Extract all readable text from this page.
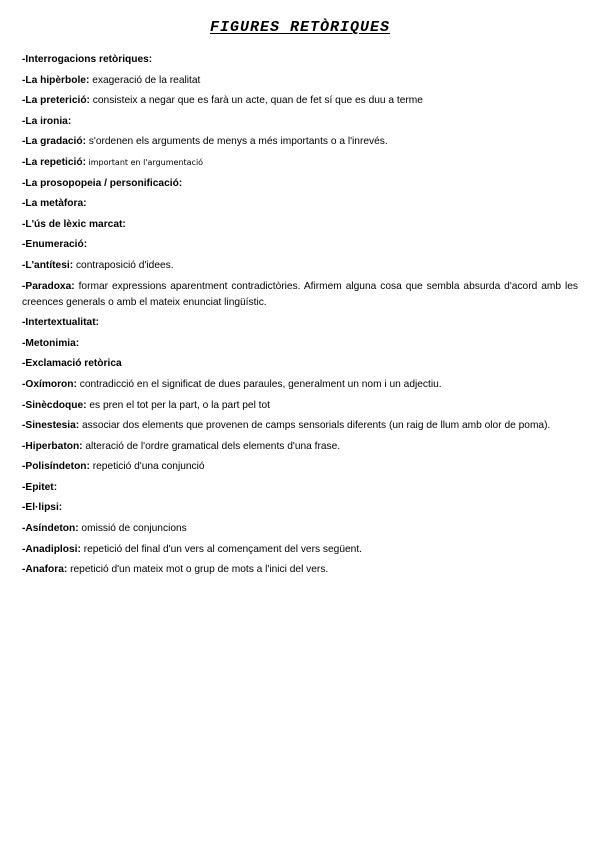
FIGURES RETÒRIQUES
-Interrogacions retòriques:
-La hipèrbole: exageració de la realitat
-La preterició: consisteix a negar que es farà un acte, quan de fet sí que es duu a terme
-La ironia:
-La gradació: s'ordenen els arguments de menys a més importants o a l'inrevés.
-La repetició: important en l'argumentació
-La prosopopeia / personificació:
-La metàfora:
-L'ús de lèxic marcat:
-Enumeració:
-L'antítesi: contraposició d'idees.
-Paradoxa: formar expressions aparentment contradictòries. Afirmem alguna cosa que sembla absurda d'acord amb les creences generals o amb el mateix enunciat lingüístic.
-Intertextualitat:
-Metonimia:
-Exclamació retòrica
-Oxímoron: contradicció en el significat de dues paraules, generalment un nom i un adjectiu.
-Sinècdoque: es pren el tot per la part, o la part pel tot
-Sinestesia: associar dos elements que provenen de camps sensorials diferents (un raig de llum amb olor de poma).
-Hiperbaton: alteració de l'ordre gramatical dels elements d'una frase.
-Polisíndeton: repetició d'una conjunció
-Epitet:
-El·lipsi:
-Asíndeton: omissió de conjuncions
-Anadiplosi: repetició del final d'un vers al començament del vers següent.
-Anafora: repetició d'un mateix mot o grup de mots a l'inici del vers.
